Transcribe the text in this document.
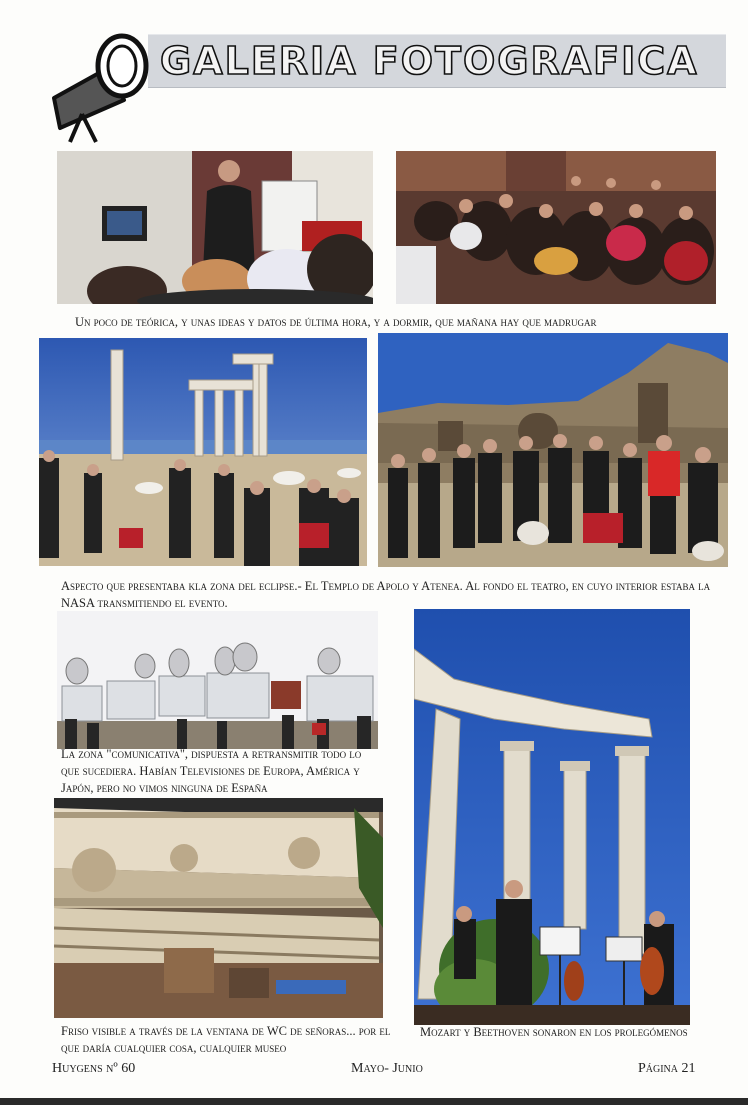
GALERIA FOTOGRAFICA
Un poco de teórica, y unas ideas y datos de última hora, y a dormir, que mañana hay que madrugar
Aspecto que presentaba kla zona del eclipse.- El Templo de Apolo y Atenea. Al fondo el teatro, en cuyo interior estaba la NASA transmitiendo el evento.
La zona "comunicativa", dispuesta a retransmitir todo lo que sucediera. Habían Televisiones de Europa, América y Japón, pero no vimos ninguna de España
Friso visible a través de la ventana de WC de señoras... por el que daría cualquier cosa, cualquier museo
Mozart y Beethoven sonaron en los prolegómenos
Huygens nº 60	Mayo- Junio	Página 21
